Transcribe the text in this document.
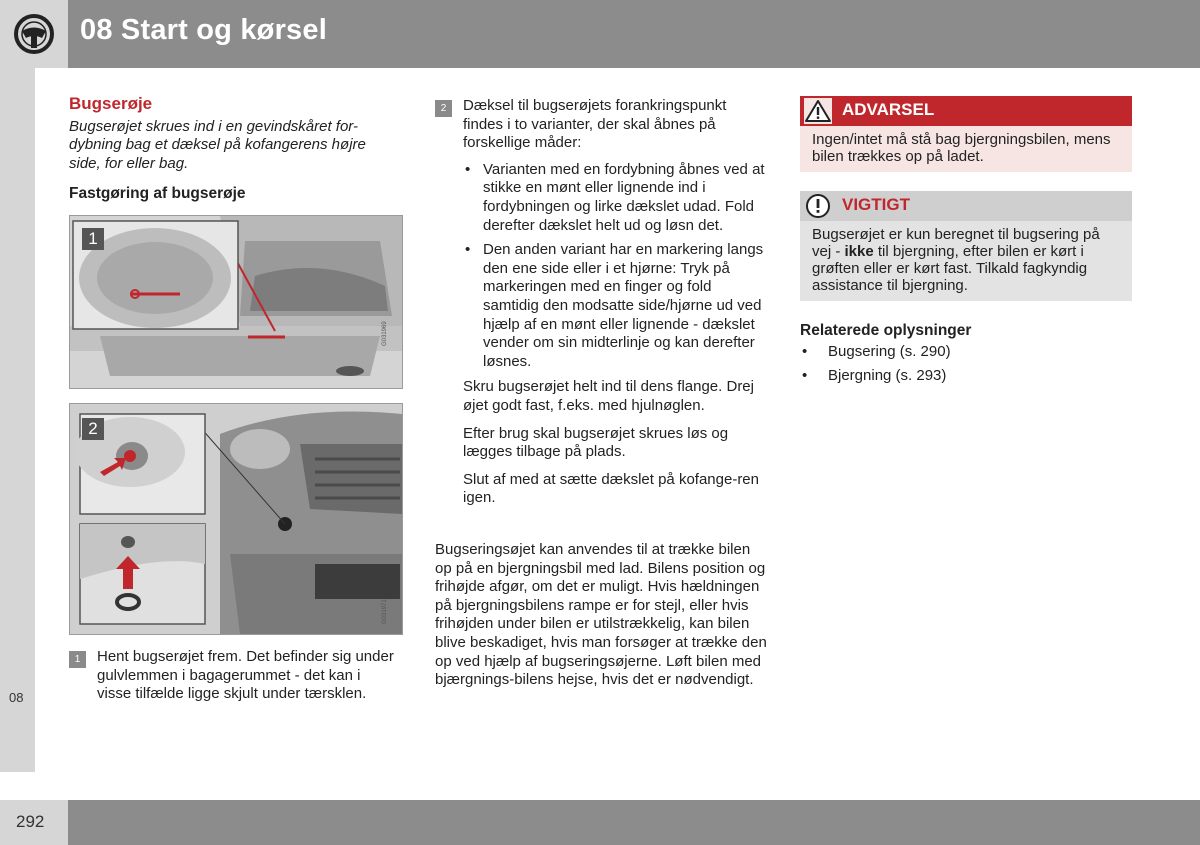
08 Start og kørsel
08
292
Bugserøje

Bugserøjet skrues ind i en gevindskåret for-dybning bag et dæksel på kofangerens højre side, for eller bag.

Fastgøring af bugserøje
1
G031969
2
G031971
1	Hent bugserøjet frem. Det befinder sig under gulvlemmen i bagagerummet - det kan i visse tilfælde ligge skjult under tærsklen.
2	Dæksel til bugserøjets forankringspunkt findes i to varianter, der skal åbnes på forskellige måder:

• Varianten med en fordybning åbnes ved at stikke en mønt eller lignende ind i fordybningen og lirke dækslet udad. Fold derefter dækslet helt ud og løsn det.
• Den anden variant har en markering langs den ene side eller i et hjørne: Tryk på markeringen med en finger og fold samtidig den modsatte side/hjørne ud ved hjælp af en mønt eller lignende - dækslet vender om sin midterlinje og kan derefter løsnes.

Skru bugserøjet helt ind til dens flange. Drej øjet godt fast, f.eks. med hjulnøglen.

Efter brug skal bugserøjet skrues løs og lægges tilbage på plads.

Slut af med at sætte dækslet på kofange-ren igen.

Bugseringsøjet kan anvendes til at trække bilen op på en bjergningsbil med lad. Bilens position og frihøjde afgør, om det er muligt. Hvis hældningen på bjergningsbilens rampe er for stejl, eller hvis frihøjden under bilen er utilstrækkelig, kan bilen blive beskadiget, hvis man forsøger at trække den op ved hjælp af bugseringsøjerne. Løft bilen med bjærgnings-bilens hejse, hvis det er nødvendigt.

ADVARSEL
Ingen/intet må stå bag bjergningsbilen, mens bilen trækkes op på ladet.
VIGTIGT
Bugserøjet er kun beregnet til bugsering på vej - ikke til bjergning, efter bilen er kørt i grøften eller er kørt fast. Tilkald fagkyndig assistance til bjergning.
Relaterede oplysninger
• Bugsering (s. 290)
• Bjergning (s. 293)
